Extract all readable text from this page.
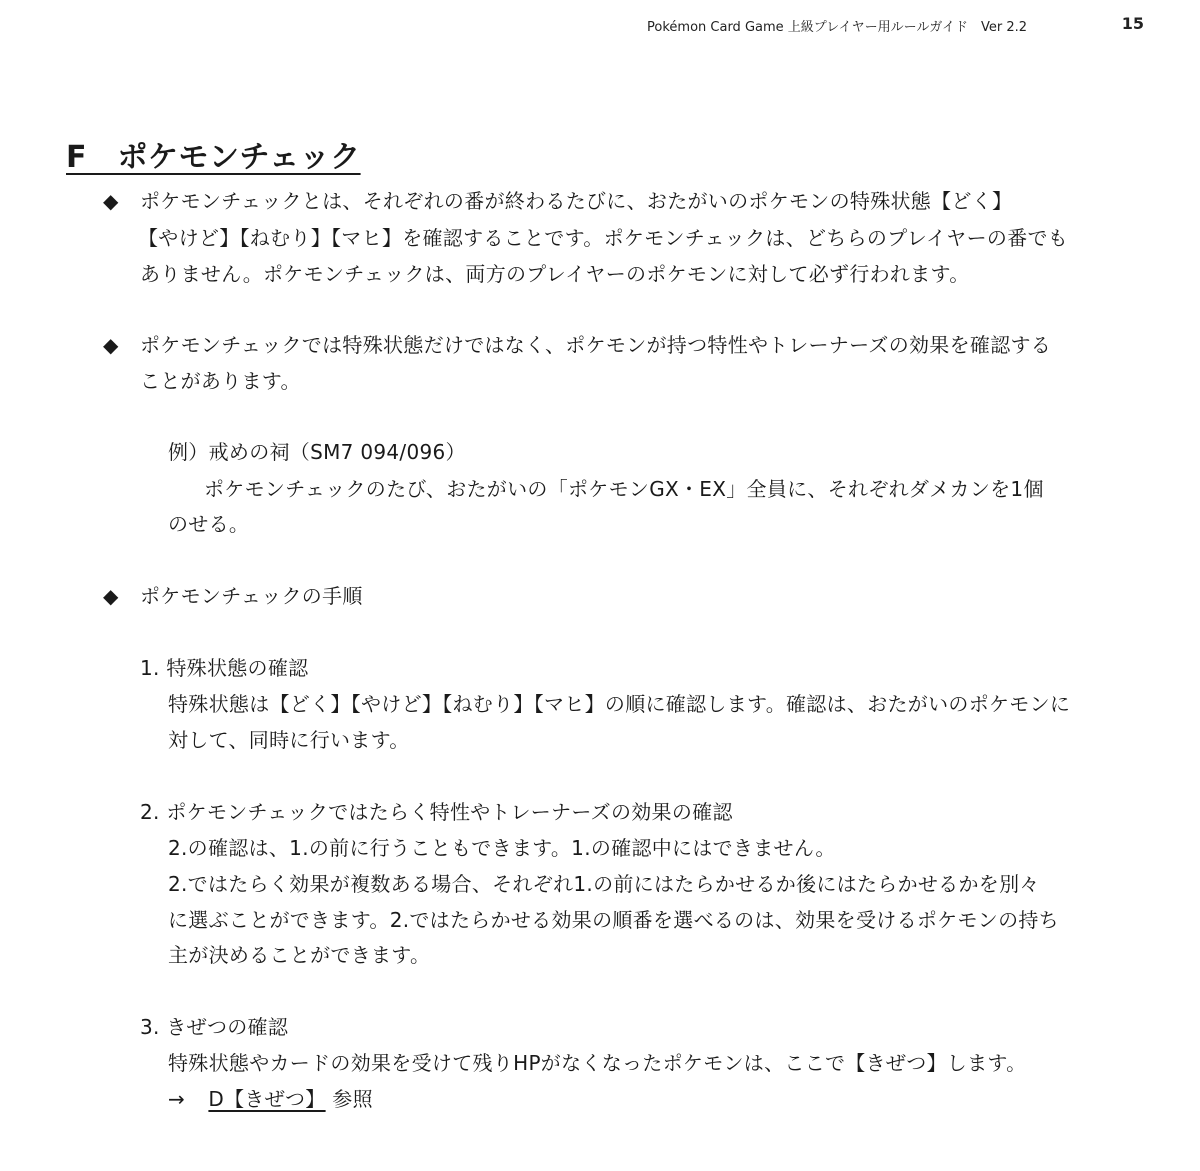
Pokémon Card Game 上級プレイヤー用ルールガイド　Ver 2.2	15
F　ポケモンチェック
◆ ポケモンチェックとは、それぞれの番が終わるたびに、おたがいのポケモンの特殊状態【どく】
【やけど】【ねむり】【マヒ】を確認することです。ポケモンチェックは、どちらのプレイヤーの番でも
ありません。ポケモンチェックは、両方のプレイヤーのポケモンに対して必ず行われます。
◆ ポケモンチェックでは特殊状態だけではなく、ポケモンが持つ特性やトレーナーズの効果を確認する
ことがあります。
例）戒めの祠（SM7 094/096）
ポケモンチェックのたび、おたがいの「ポケモンGX・EX」全員に、それぞれダメカンを1個
のせる。
◆ ポケモンチェックの手順
1. 特殊状態の確認
特殊状態は【どく】【やけど】【ねむり】【マヒ】の順に確認します。確認は、おたがいのポケモンに
対して、同時に行います。
2. ポケモンチェックではたらく特性やトレーナーズの効果の確認
2.の確認は、1.の前に行うこともできます。1.の確認中にはできません。
2.ではたらく効果が複数ある場合、それぞれ1.の前にはたらかせるか後にはたらかせるかを別々
に選ぶことができます。2.ではたらかせる効果の順番を選べるのは、効果を受けるポケモンの持ち
主が決めることができます。
3. きぜつの確認
特殊状態やカードの効果を受けて残りHPがなくなったポケモンは、ここで【きぜつ】します。
→ D【きぜつ】 参照
